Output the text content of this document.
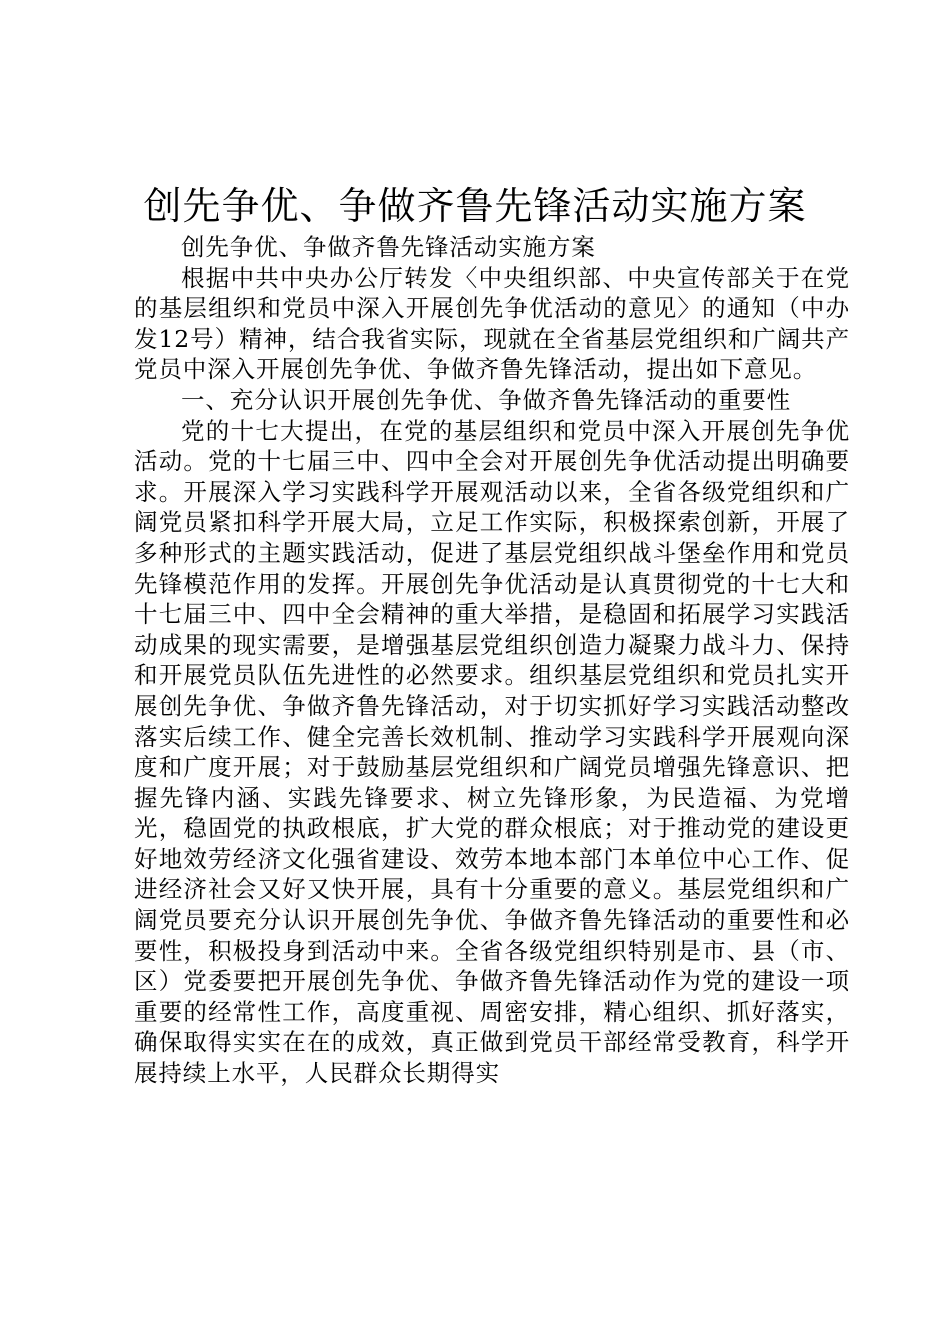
创先争优、争做齐鲁先锋活动实施方案

创先争优、争做齐鲁先锋活动实施方案

根据中共中央办公厅转发〈中央组织部、中央宣传部关于在党的基层组织和党员中深入开展创先争优活动的意见〉的通知（中办发12号）精神，结合我省实际，现就在全省基层党组织和广阔共产党员中深入开展创先争优、争做齐鲁先锋活动，提出如下意见。

一、充分认识开展创先争优、争做齐鲁先锋活动的重要性

党的十七大提出，在党的基层组织和党员中深入开展创先争优活动。党的十七届三中、四中全会对开展创先争优活动提出明确要求。开展深入学习实践科学开展观活动以来，全省各级党组织和广阔党员紧扣科学开展大局，立足工作实际，积极探索创新，开展了多种形式的主题实践活动，促进了基层党组织战斗堡垒作用和党员先锋模范作用的发挥。开展创先争优活动是认真贯彻党的十七大和十七届三中、四中全会精神的重大举措，是稳固和拓展学习实践活动成果的现实需要，是增强基层党组织创造力凝聚力战斗力、保持和开展党员队伍先进性的必然要求。组织基层党组织和党员扎实开展创先争优、争做齐鲁先锋活动，对于切实抓好学习实践活动整改落实后续工作、健全完善长效机制、推动学习实践科学开展观向深度和广度开展；对于鼓励基层党组织和广阔党员增强先锋意识、把握先锋内涵、实践先锋要求、树立先锋形象，为民造福、为党增光，稳固党的执政根底，扩大党的群众根底；对于推动党的建设更好地效劳经济文化强省建设、效劳本地本部门本单位中心工作、促进经济社会又好又快开展，具有十分重要的意义。基层党组织和广阔党员要充分认识开展创先争优、争做齐鲁先锋活动的重要性和必要性，积极投身到活动中来。全省各级党组织特别是市、县（市、区）党委要把开展创先争优、争做齐鲁先锋活动作为党的建设一项重要的经常性工作，高度重视、周密安排，精心组织、抓好落实，确保取得实实在在的成效，真正做到党员干部经常受教育，科学开展持续上水平，人民群众长期得实
